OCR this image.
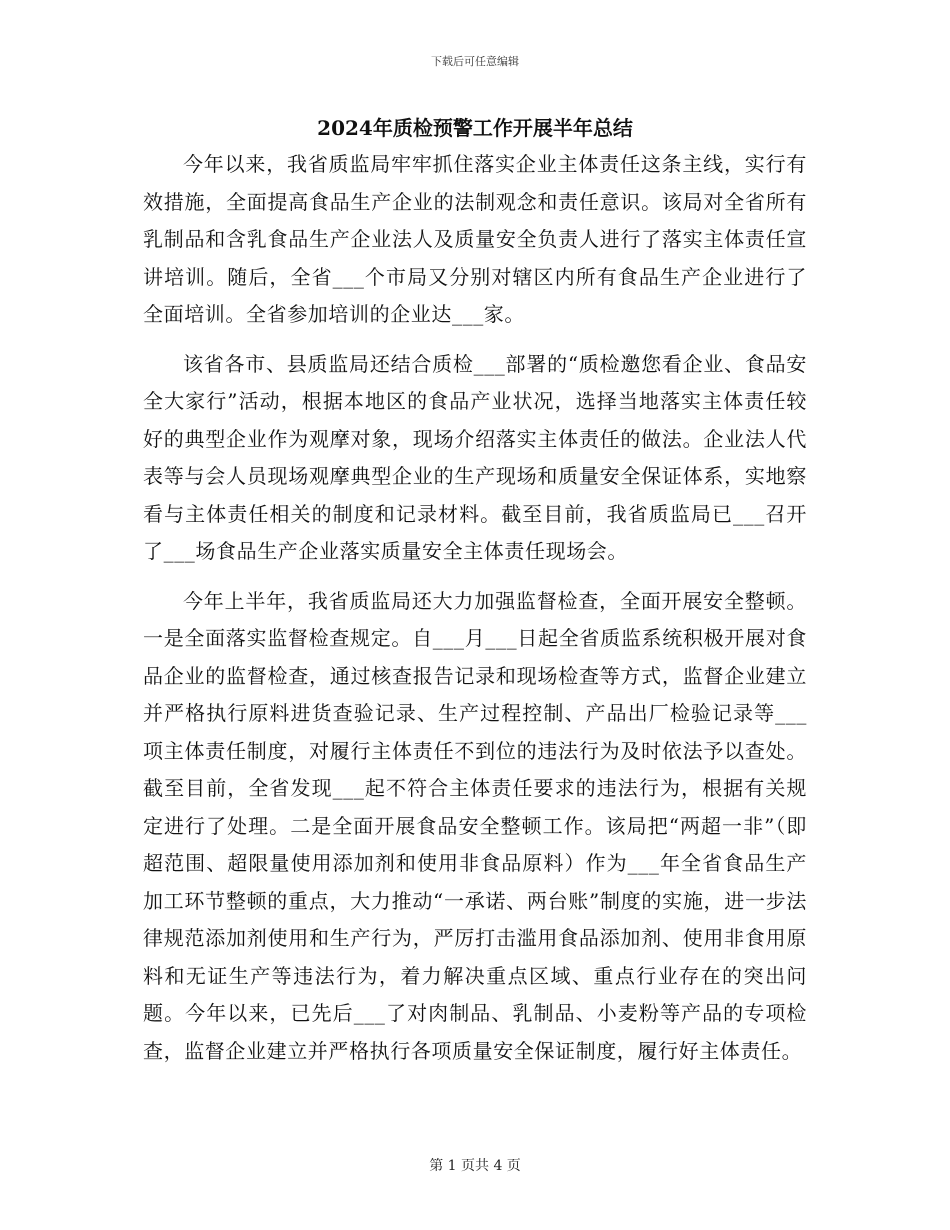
下载后可任意编辑
2024年质检预警工作开展半年总结

今年以来，我省质监局牢牢抓住落实企业主体责任这条主线，实行有效措施，全面提高食品生产企业的法制观念和责任意识。该局对全省所有乳制品和含乳食品生产企业法人及质量安全负责人进行了落实主体责任宣讲培训。随后，全省___个市局又分别对辖区内所有食品生产企业进行了全面培训。全省参加培训的企业达___家。

该省各市、县质监局还结合质检___部署的“质检邀您看企业、食品安全大家行”活动，根据本地区的食品产业状况，选择当地落实主体责任较好的典型企业作为观摩对象，现场介绍落实主体责任的做法。企业法人代表等与会人员现场观摩典型企业的生产现场和质量安全保证体系，实地察看与主体责任相关的制度和记录材料。截至目前，我省质监局已___召开了___场食品生产企业落实质量安全主体责任现场会。

今年上半年，我省质监局还大力加强监督检查，全面开展安全整顿。一是全面落实监督检查规定。自___月___日起全省质监系统积极开展对食品企业的监督检查，通过核查报告记录和现场检查等方式，监督企业建立并严格执行原料进货查验记录、生产过程控制、产品出厂检验记录等___项主体责任制度，对履行主体责任不到位的违法行为及时依法予以查处。截至目前，全省发现___起不符合主体责任要求的违法行为，根据有关规定进行了处理。二是全面开展食品安全整顿工作。该局把“两超一非”（即超范围、超限量使用添加剂和使用非食品原料）作为___年全省食品生产加工环节整顿的重点，大力推动“一承诺、两台账”制度的实施，进一步法律规范添加剂使用和生产行为，严厉打击滥用食品添加剂、使用非食用原料和无证生产等违法行为，着力解决重点区域、重点行业存在的突出问题。今年以来，已先后___了对肉制品、乳制品、小麦粉等产品的专项检查，监督企业建立并严格执行各项质量安全保证制度，履行好主体责任。

第 1 页共 4 页
